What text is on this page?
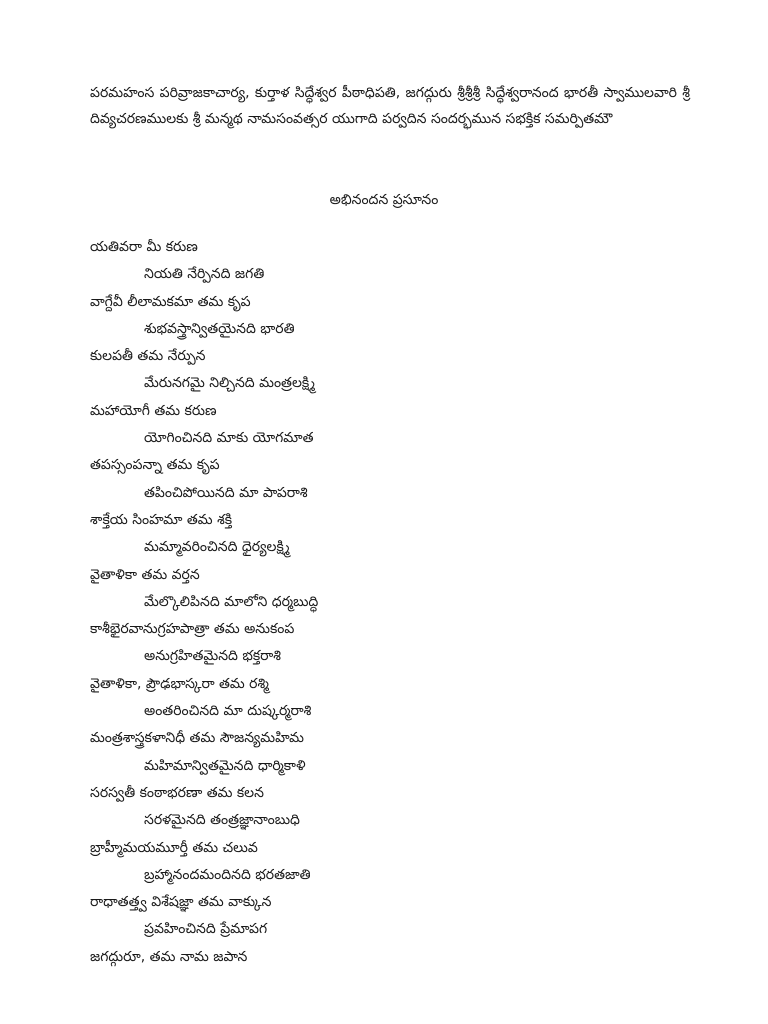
పరమహంస పరివ్రాజకాచార్య, కుర్తాళ సిద్ధేశ్వర పీఠాధిపతి, జగద్గురు శ్రీశ్రీశ్రీ సిద్ధేశ్వరానంద భారతీ స్వాములవారి శ్రీ దివ్యచరణములకు శ్రీ మన్మథ నామసంవత్సర యుగాది పర్వదిన సందర్భమున సభక్తిక సమర్పితమౌ

అభినందన ప్రసూనం
యతివరా మీ కరుణ
నియతి నేర్పినది జగతి
వాగ్దేవీ లీలామకమా తమ కృప
శుభవస్త్రాన్వితయైనది భారతి
కులపతీ తమ నేర్పున
మేరునగమై నిల్చినది మంత్రలక్ష్మి
మహాయోగీ తమ కరుణ
యోగించినది మాకు యోగమాత
తపస్సంపన్నా తమ కృప
తపించిపోయినది మా పాపరాశి
శాక్తేయ సింహమా తమ శక్తి
మమ్మావరించినది ధైర్యలక్ష్మి
వైతాళికా తమ వర్తన
మేల్కొలిపినది మాలోని ధర్మబుద్ధి
కాశీభైరవానుగ్రహపాత్రా తమ అనుకంప
అనుగ్రహితమైనది భక్తరాశి
వైతాళికా, ప్రౌఢభాస్కరా తమ రశ్మి
అంతరించినది మా దుష్కర్మరాశి
మంత్రశాస్త్రకళానిధీ తమ సౌజన్యమహిమ
మహిమాన్వితమైనది ధార్మికాళి
సరస్వతీ కంఠాభరణా తమ కలన
సరళమైనది తంత్రజ్ఞానాంబుధి
బ్రాహ్మీమయమూర్తీ తమ చలువ
బ్రహ్మానందమందినది భరతజాతి
రాధాతత్త్వ విశేషజ్ఞా తమ వాక్కున
ప్రవహించినది ప్రేమాపగ
జగద్గురూ, తమ నామ జపాన
